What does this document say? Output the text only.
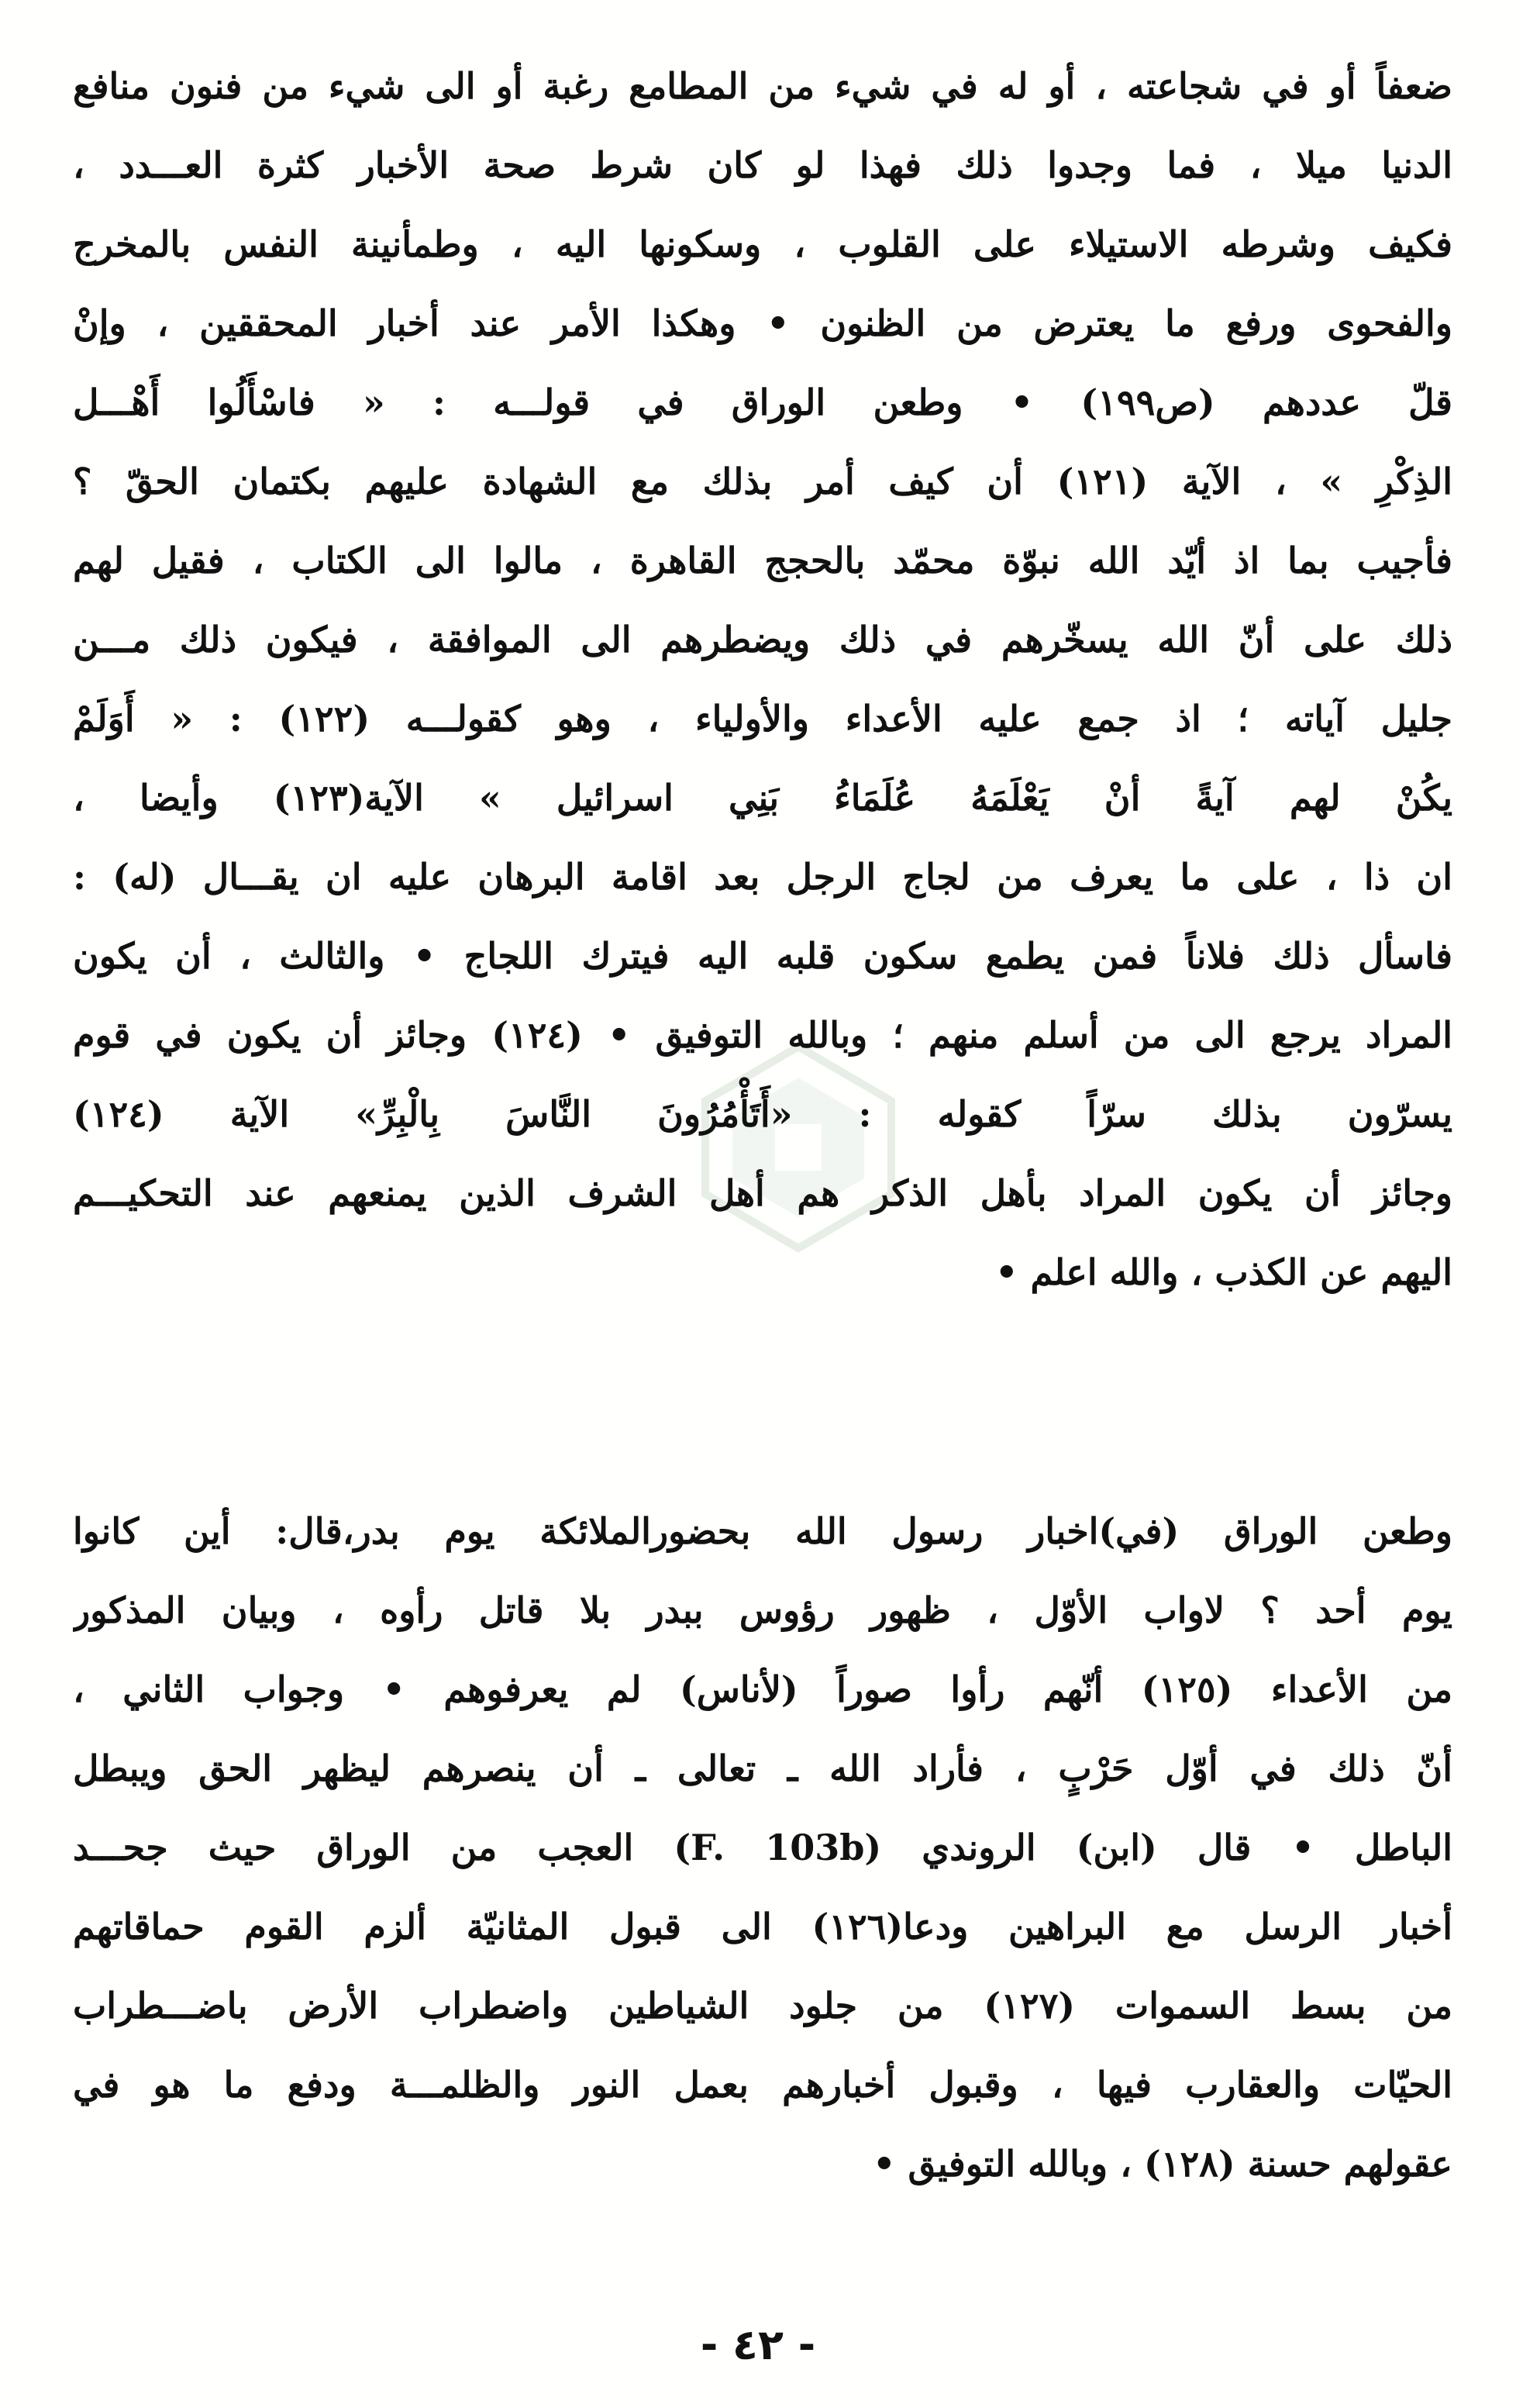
ضعفاً أو في شجاعته ، أو له في شيء من المطامع رغبة أو الى شيء من فنون منافع
الدنيا ميلا ، فما وجدوا ذلك فهذا لو كان شرط صحة الأخبار كثرة العـــدد ،
فكيف وشرطه الاستيلاء على القلوب ، وسكونها اليه ، وطمأنينة النفس بالمخرج
والفحوى ورفع ما يعترض من الظنون • وهكذا الأمر عند أخبار المحققين ، وإنْ
قلّ عددهم (ص١٩٩) • وطعن الوراق في قولـــه : « فاسْأَلُوا أَهْـــل
الذِكْرِ » ، الآية (١٢١) أن كيف أمر بذلك مع الشهادة عليهم بكتمان الحقّ ؟
فأجيب بما اذ أيّد الله نبوّة محمّد بالحجج القاهرة ، مالوا الى الكتاب ، فقيل لهم
ذلك على أنّ الله يسخّرهم في ذلك ويضطرهم الى الموافقة ، فيكون ذلك مـــن
جليل آياته ؛ اذ جمع عليه الأعداء والأولياء ، وهو كقولـــه (١٢٢) : « أَوَلَمْ
يكُنْ لهم آيةً أنْ يَعْلَمَهُ عُلَمَاءُ بَنِي اسرائيل » الآية(١٢٣) وأيضا ،
ان ذا ، على ما يعرف من لجاج الرجل بعد اقامة البرهان عليه ان يقـــال (له) :
فاسأل ذلك فلاناً فمن يطمع سكون قلبه اليه فيترك اللجاج • والثالث ، أن يكون
المراد يرجع الى من أسلم منهم ؛ وبالله التوفيق • (١٢٤) وجائز أن يكون في قوم
يسرّون بذلك سرّاً كقوله : «أَتَأْمُرُونَ النَّاسَ بِالْبِرِّ» الآية (١٢٤)
وجائز أن يكون المراد بأهل الذكر هم أهل الشرف الذين يمنعهم عند التحكيـــم
اليهم عن الكذب ، والله اعلم •
وطعن الوراق (في)اخبار رسول الله بحضورالملائكة يوم بدر،قال: أين كانوا
يوم أحد ؟ لاواب الأوّل ، ظهور رؤوس ببدر بلا قاتل رأوه ، وبيان المذكور
من الأعداء (١٢٥) أنّهم رأوا صوراً (لأناس) لم يعرفوهم • وجواب الثاني ،
أنّ ذلك في أوّل حَرْبٍ ، فأراد الله ـ تعالى ـ أن ينصرهم ليظهر الحق ويبطل
الباطل • قال (ابن) الروندي (F. 103b) العجب من الوراق حيث جحـــد
أخبار الرسل مع البراهين ودعا(١٢٦) الى قبول المثانيّة ألزم القوم حماقاتهم
من بسط السموات (١٢٧) من جلود الشياطين واضطراب الأرض باضـــطراب
الحيّات والعقارب فيها ، وقبول أخبارهم بعمل النور والظلمـــة ودفع ما هو في
عقولهم حسنة (١٢٨) ، وبالله التوفيق •
- ٤٢ -
